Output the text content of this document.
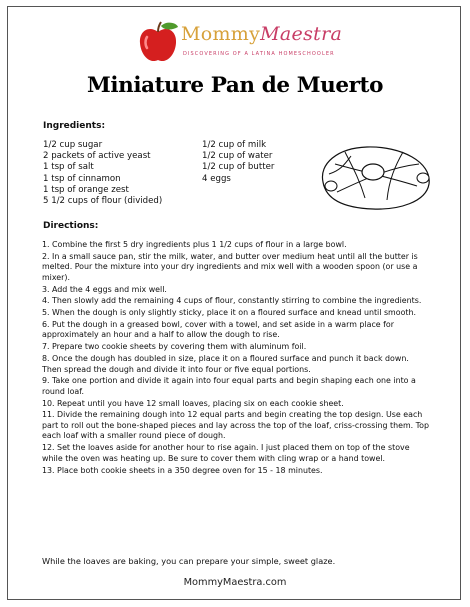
MommyMaestra
DISCOVERING OF A LATINA HOMESCHOOLER
Miniature Pan de Muerto
Ingredients:
1/2 cup sugar
2 packets of active yeast
1 tsp of salt
1 tsp of cinnamon
1 tsp of orange zest
5 1/2 cups of flour (divided)
1/2 cup of milk
1/2 cup of water
1/2 cup of butter
4 eggs
Directions:

1. Combine the first 5 dry ingredients plus 1 1/2 cups of flour in a large bowl.

2. In a small sauce pan, stir the milk, water, and butter over medium heat until all the butter is melted. Pour the mixture into your dry ingredients and mix well with a wooden spoon (or use a mixer).

3. Add the 4 eggs and mix well.

4. Then slowly add the remaining 4 cups of flour, constantly stirring to combine the ingredients.

5. When the dough is only slightly sticky, place it on a floured surface and knead until smooth.

6. Put the dough in a greased bowl, cover with a towel, and set aside in a warm place for approximately an hour and a half to allow the dough to rise.

7. Prepare two cookie sheets by covering them with aluminum foil.

8. Once the dough has doubled in size, place it on a floured surface and punch it back down. Then spread the dough and divide it into four or five equal portions.

9. Take one portion and divide it again into four equal parts and begin shaping each one into a round loaf.

10. Repeat until you have 12 small loaves, placing six on each cookie sheet.

11. Divide the remaining dough into 12 equal parts and begin creating the top design. Use each part to roll out the bone-shaped pieces and lay across the top of the loaf, criss-crossing them. Top each loaf with a smaller round piece of dough.

12. Set the loaves aside for another hour to rise again. I just placed them on top of the stove while the oven was heating up. Be sure to cover them with cling wrap or a hand towel.

13. Place both cookie sheets in a 350 degree oven for 15 - 18 minutes.

While the loaves are baking, you can prepare your simple, sweet glaze.
MommyMaestra.com
